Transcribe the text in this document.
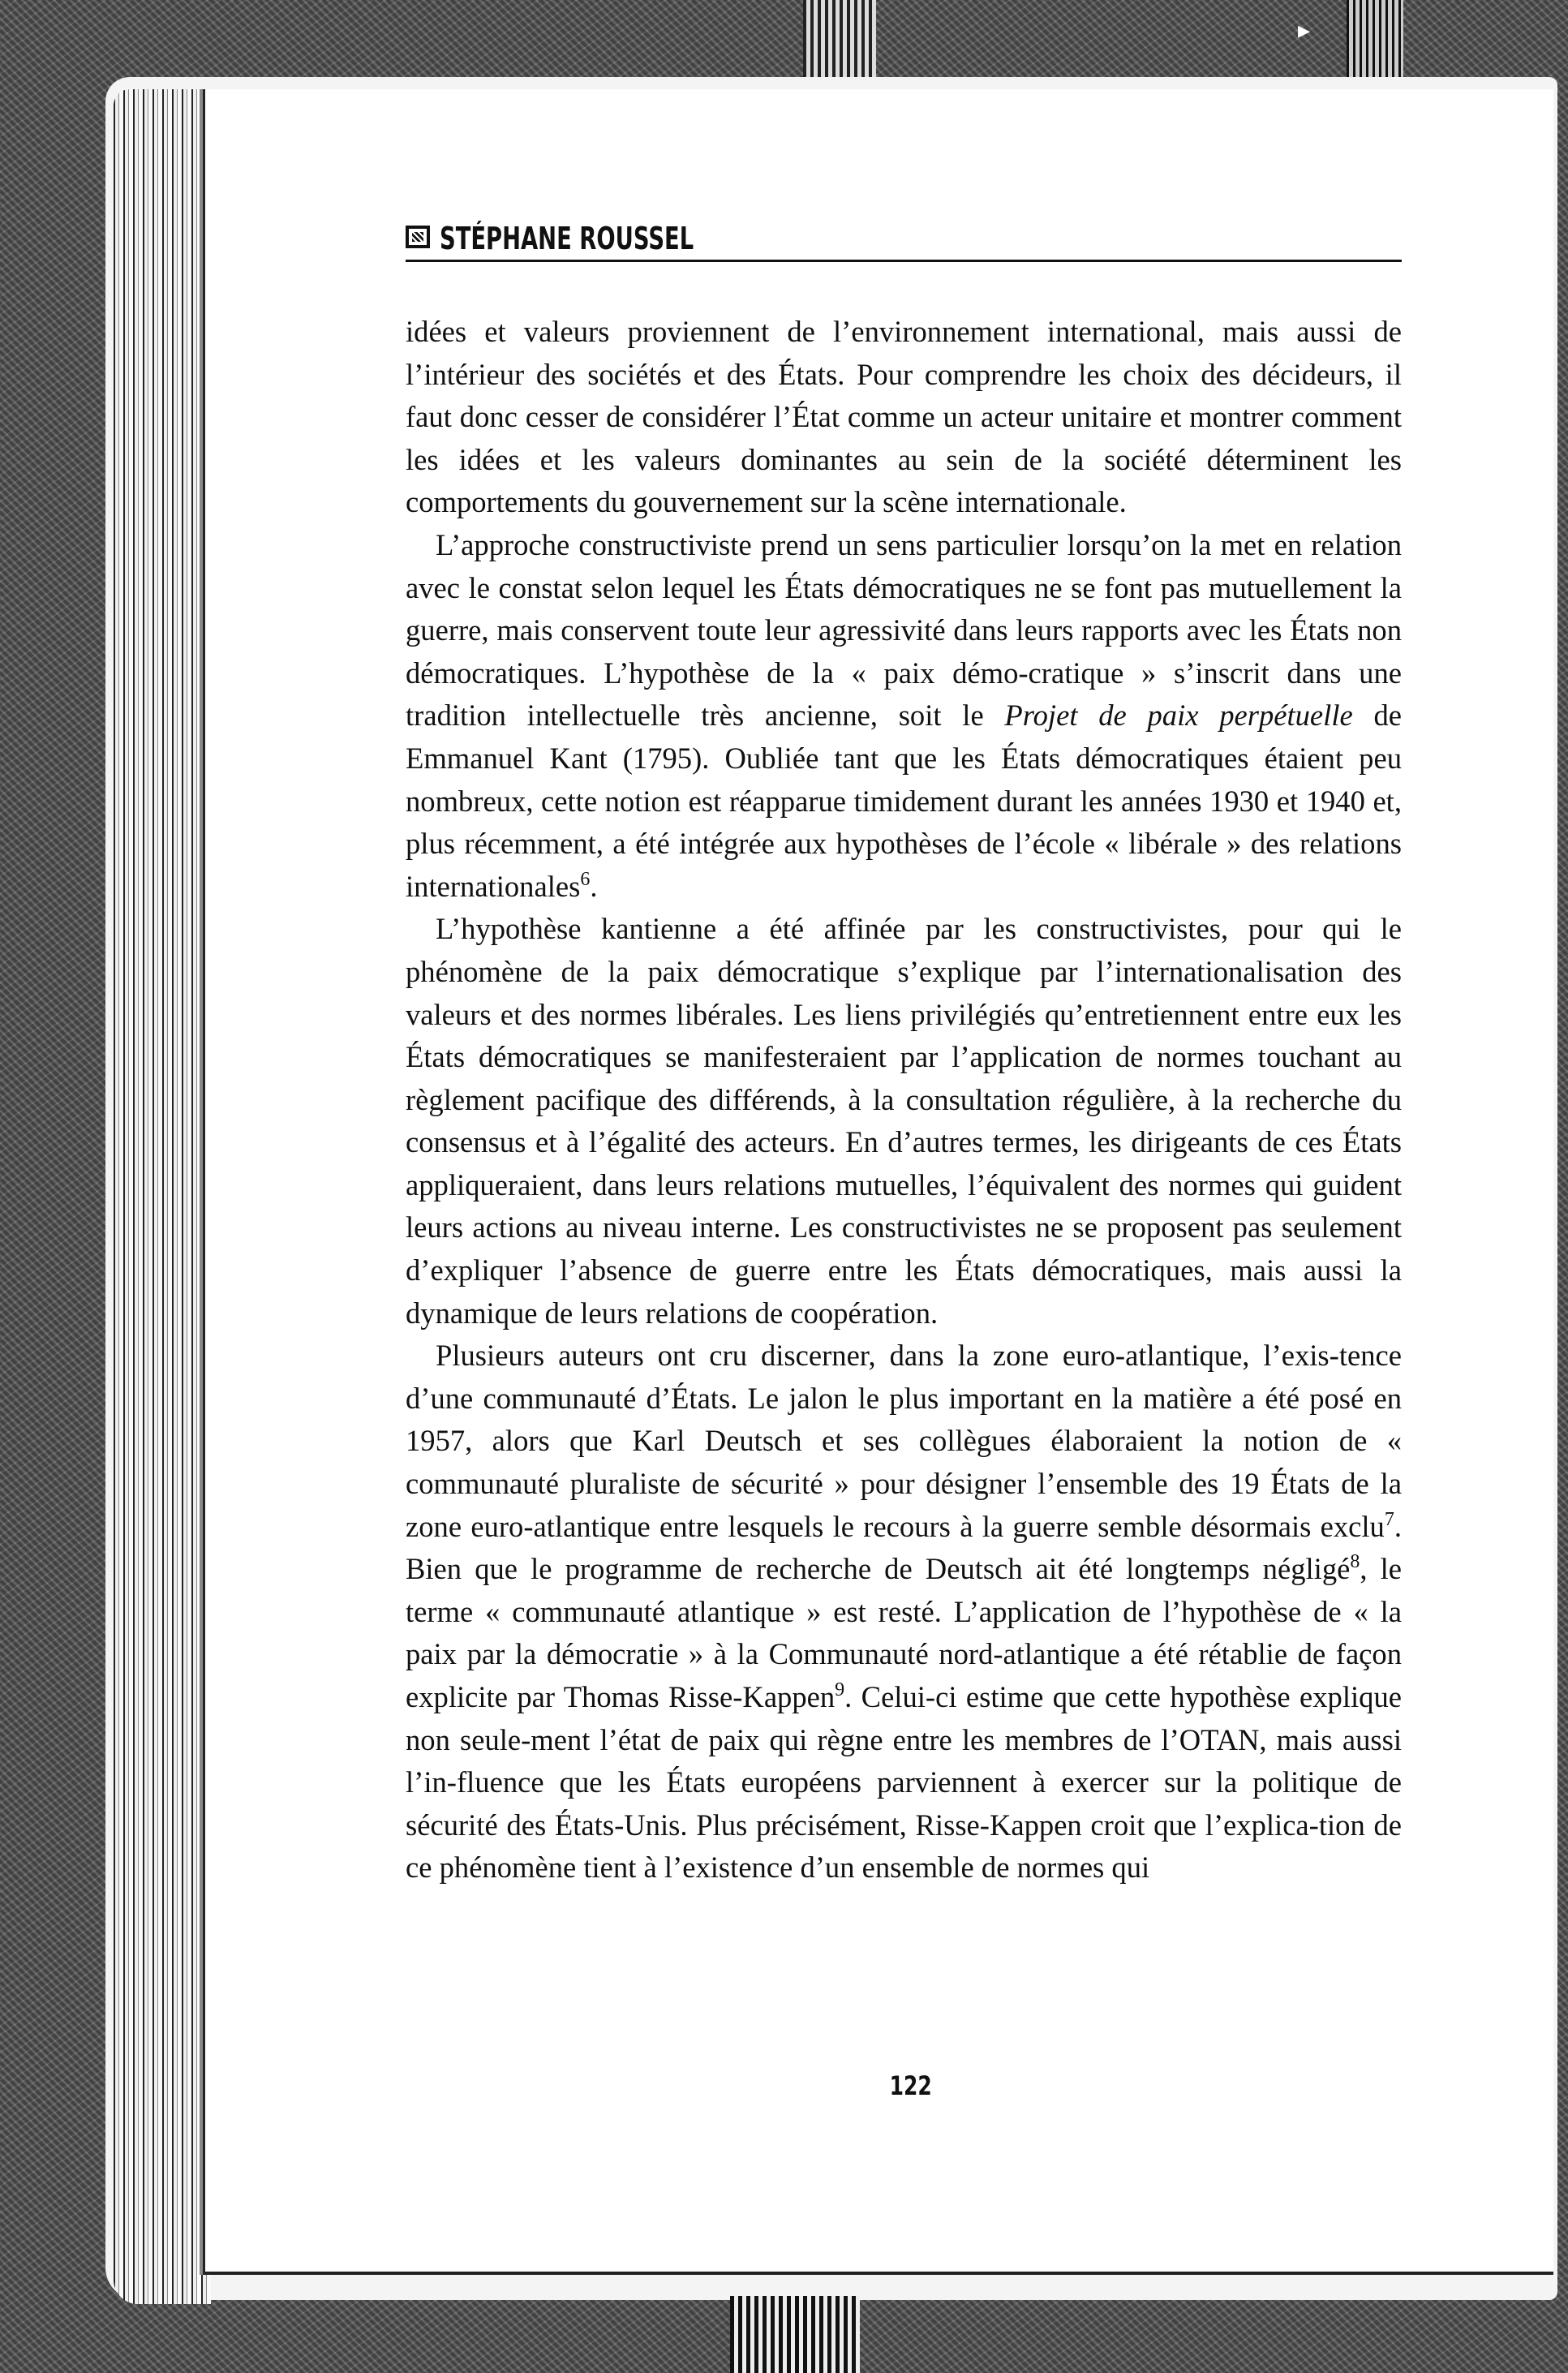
▸
STÉPHANE ROUSSEL

idées et valeurs proviennent de l’environnement international, mais aussi de l’intérieur des sociétés et des États. Pour comprendre les choix des décideurs, il faut donc cesser de considérer l’État comme un acteur unitaire et montrer comment les idées et les valeurs dominantes au sein de la société déterminent les comportements du gouvernement sur la scène internationale.

L’approche constructiviste prend un sens particulier lorsqu’on la met en relation avec le constat selon lequel les États démocratiques ne se font pas mutuellement la guerre, mais conservent toute leur agressivité dans leurs rapports avec les États non démocratiques. L’hypothèse de la « paix démo-cratique » s’inscrit dans une tradition intellectuelle très ancienne, soit le Projet de paix perpétuelle de Emmanuel Kant (1795). Oubliée tant que les États démocratiques étaient peu nombreux, cette notion est réapparue timidement durant les années 1930 et 1940 et, plus récemment, a été intégrée aux hypothèses de l’école « libérale » des relations internationales$^6$.

L’hypothèse kantienne a été affinée par les constructivistes, pour qui le phénomène de la paix démocratique s’explique par l’internationalisation des valeurs et des normes libérales. Les liens privilégiés qu’entretiennent entre eux les États démocratiques se manifesteraient par l’application de normes touchant au règlement pacifique des différends, à la consultation régulière, à la recherche du consensus et à l’égalité des acteurs. En d’autres termes, les dirigeants de ces États appliqueraient, dans leurs relations mutuelles, l’équivalent des normes qui guident leurs actions au niveau interne. Les constructivistes ne se proposent pas seulement d’expliquer l’absence de guerre entre les États démocratiques, mais aussi la dynamique de leurs relations de coopération.

Plusieurs auteurs ont cru discerner, dans la zone euro-atlantique, l’exis-tence d’une communauté d’États. Le jalon le plus important en la matière a été posé en 1957, alors que Karl Deutsch et ses collègues élaboraient la notion de « communauté pluraliste de sécurité » pour désigner l’ensemble des 19 États de la zone euro-atlantique entre lesquels le recours à la guerre semble désormais exclu$^7$. Bien que le programme de recherche de Deutsch ait été longtemps négligé$^8$, le terme « communauté atlantique » est resté. L’application de l’hypothèse de « la paix par la démocratie » à la Communauté nord-atlantique a été rétablie de façon explicite par Thomas Risse-Kappen$^9$. Celui-ci estime que cette hypothèse explique non seule-ment l’état de paix qui règne entre les membres de l’OTAN, mais aussi l’in-fluence que les États européens parviennent à exercer sur la politique de sécurité des États-Unis. Plus précisément, Risse-Kappen croit que l’explica-tion de ce phénomène tient à l’existence d’un ensemble de normes qui

122
